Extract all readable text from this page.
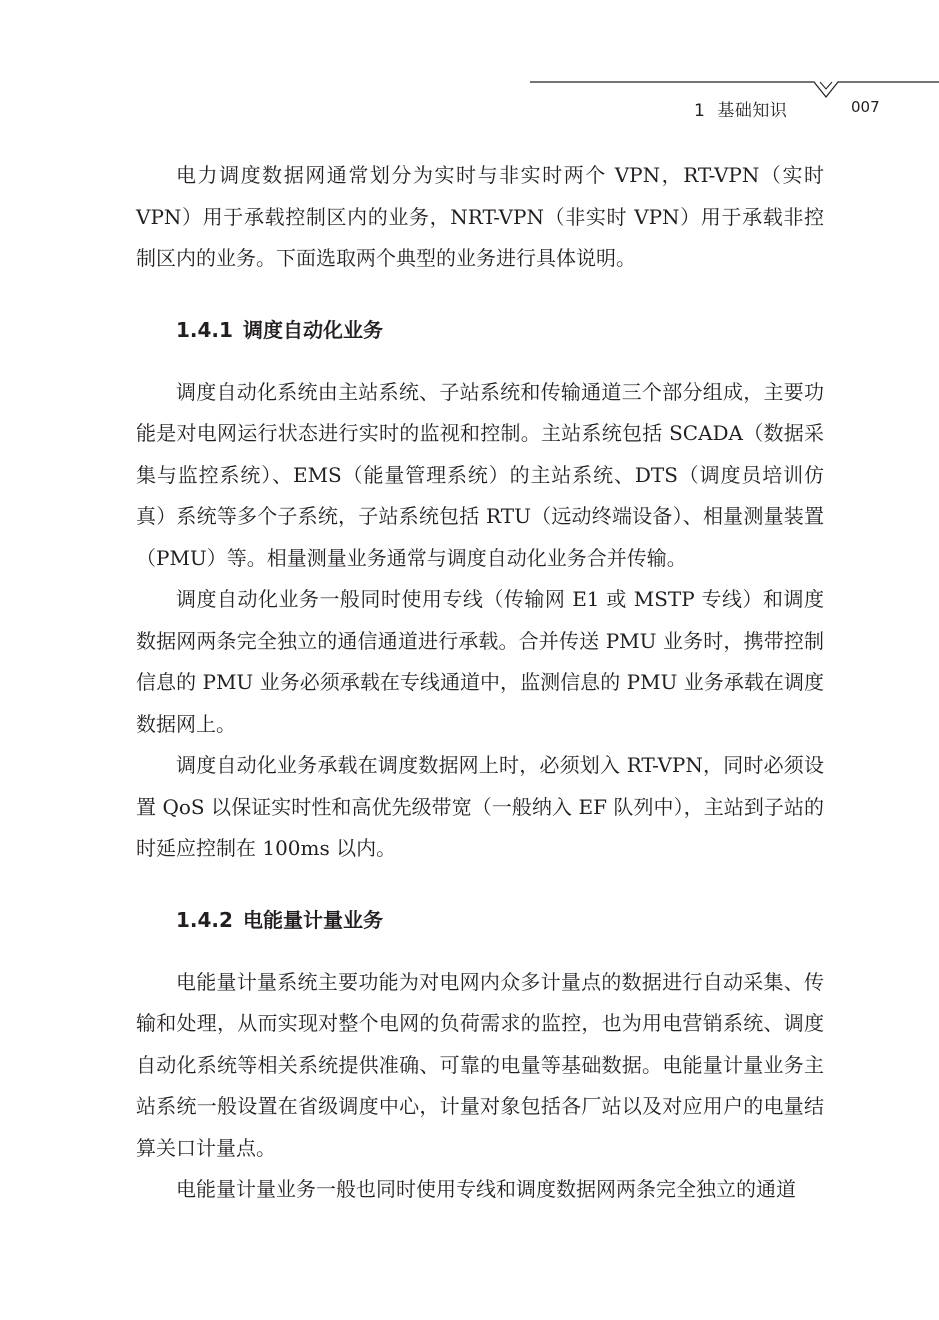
1 基础知识	007

电力调度数据网通常划分为实时与非实时两个 VPN，RT-VPN（实时 VPN）用于承载控制区内的业务，NRT-VPN（非实时 VPN）用于承载非控制区内的业务。下面选取两个典型的业务进行具体说明。

1.4.1 调度自动化业务

调度自动化系统由主站系统、子站系统和传输通道三个部分组成，主要功能是对电网运行状态进行实时的监视和控制。主站系统包括 SCADA（数据采集与监控系统）、EMS（能量管理系统）的主站系统、DTS（调度员培训仿真）系统等多个子系统，子站系统包括 RTU（远动终端设备）、相量测量装置（PMU）等。相量测量业务通常与调度自动化业务合并传输。

调度自动化业务一般同时使用专线（传输网 E1 或 MSTP 专线）和调度数据网两条完全独立的通信通道进行承载。合并传送 PMU 业务时，携带控制信息的 PMU 业务必须承载在专线通道中，监测信息的 PMU 业务承载在调度数据网上。

调度自动化业务承载在调度数据网上时，必须划入 RT-VPN，同时必须设置 QoS 以保证实时性和高优先级带宽（一般纳入 EF 队列中），主站到子站的时延应控制在 100ms 以内。

1.4.2 电能量计量业务

电能量计量系统主要功能为对电网内众多计量点的数据进行自动采集、传输和处理，从而实现对整个电网的负荷需求的监控，也为用电营销系统、调度自动化系统等相关系统提供准确、可靠的电量等基础数据。电能量计量业务主站系统一般设置在省级调度中心，计量对象包括各厂站以及对应用户的电量结算关口计量点。

电能量计量业务一般也同时使用专线和调度数据网两条完全独立的通道
